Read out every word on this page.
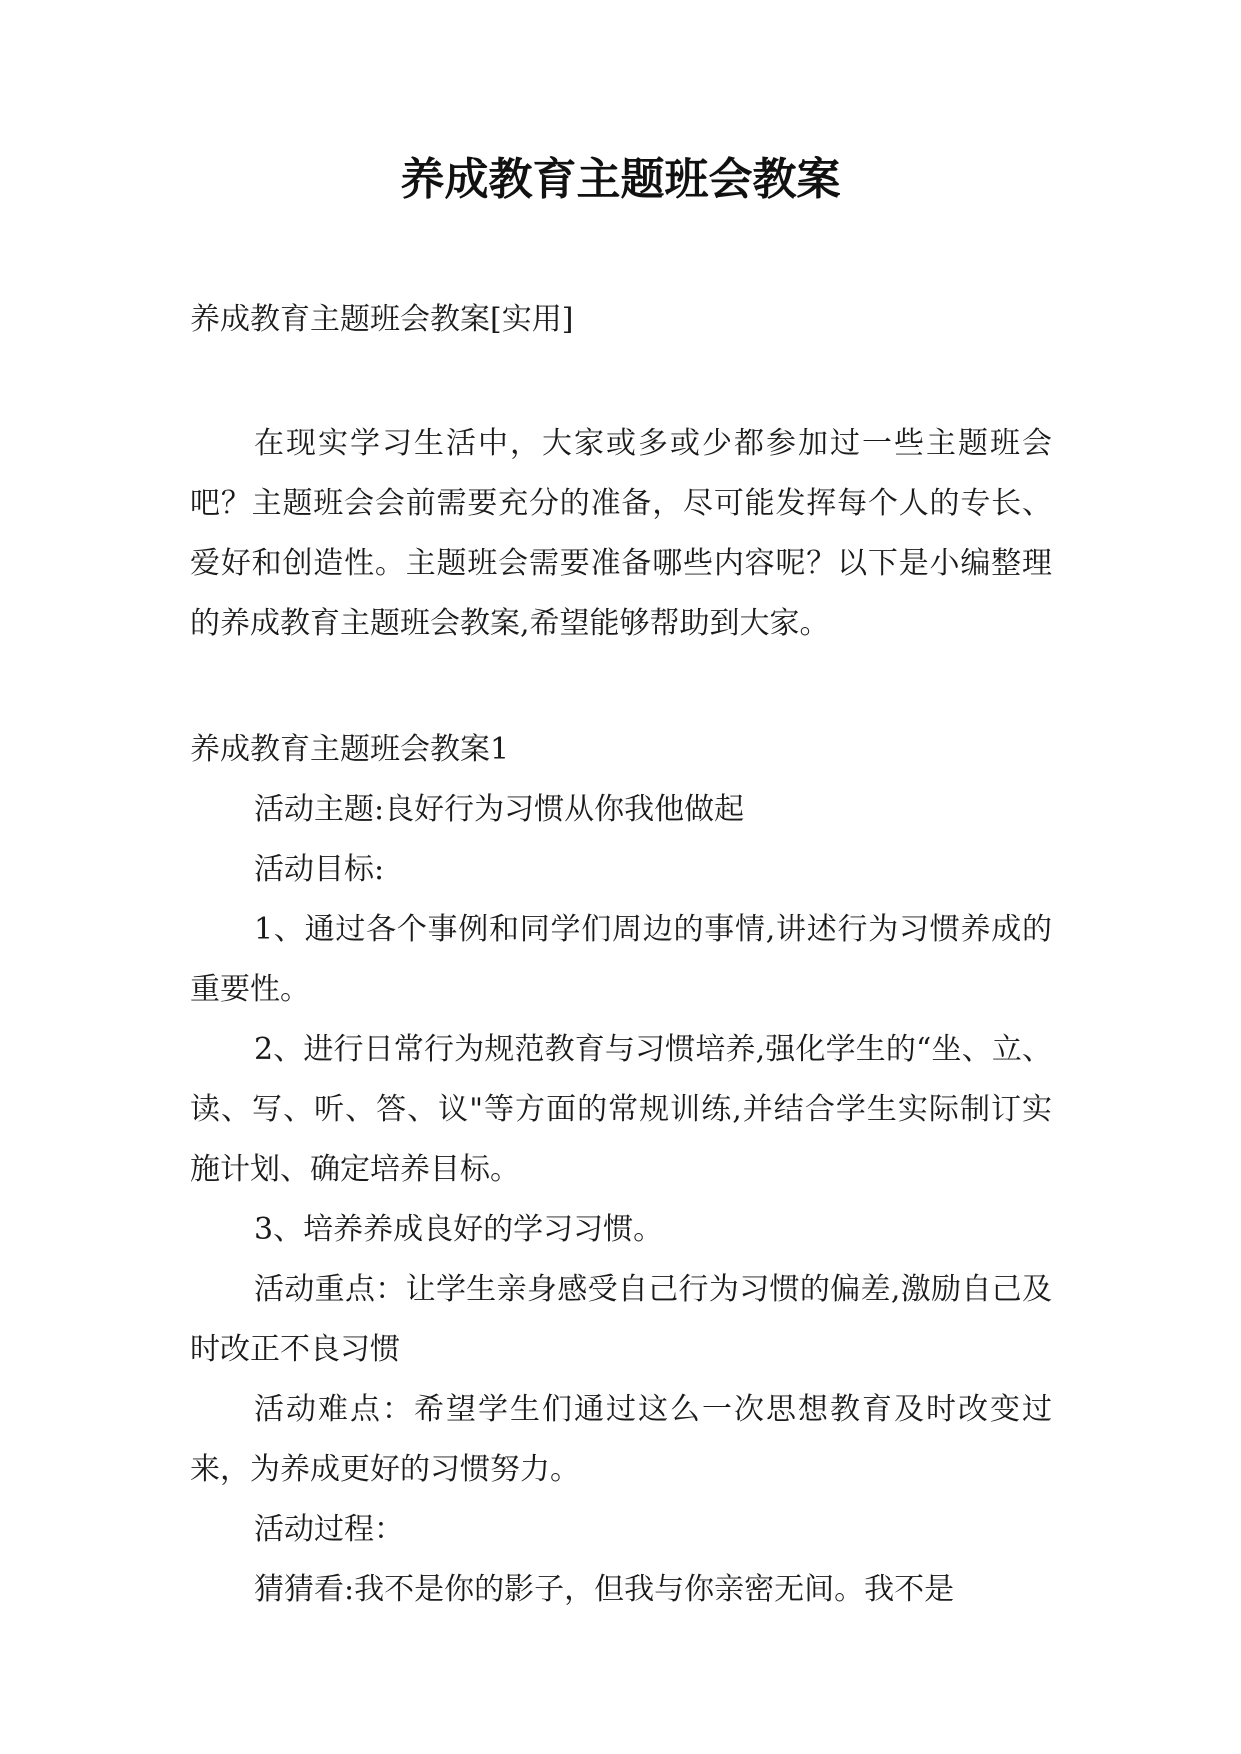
养成教育主题班会教案

养成教育主题班会教案[实用]

在现实学习生活中，大家或多或少都参加过一些主题班会吧？主题班会会前需要充分的准备，尽可能发挥每个人的专长、爱好和创造性。主题班会需要准备哪些内容呢？以下是小编整理的养成教育主题班会教案,希望能够帮助到大家。

养成教育主题班会教案1

活动主题:良好行为习惯从你我他做起

活动目标:

1、通过各个事例和同学们周边的事情,讲述行为习惯养成的重要性。

2、进行日常行为规范教育与习惯培养,强化学生的“坐、立、读、写、听、答、议"等方面的常规训练,并结合学生实际制订实施计划、确定培养目标。

3、培养养成良好的学习习惯。

活动重点：让学生亲身感受自己行为习惯的偏差,激励自己及时改正不良习惯

活动难点：希望学生们通过这么一次思想教育及时改变过来，为养成更好的习惯努力。

活动过程：

猜猜看:我不是你的影子，但我与你亲密无间。我不是
